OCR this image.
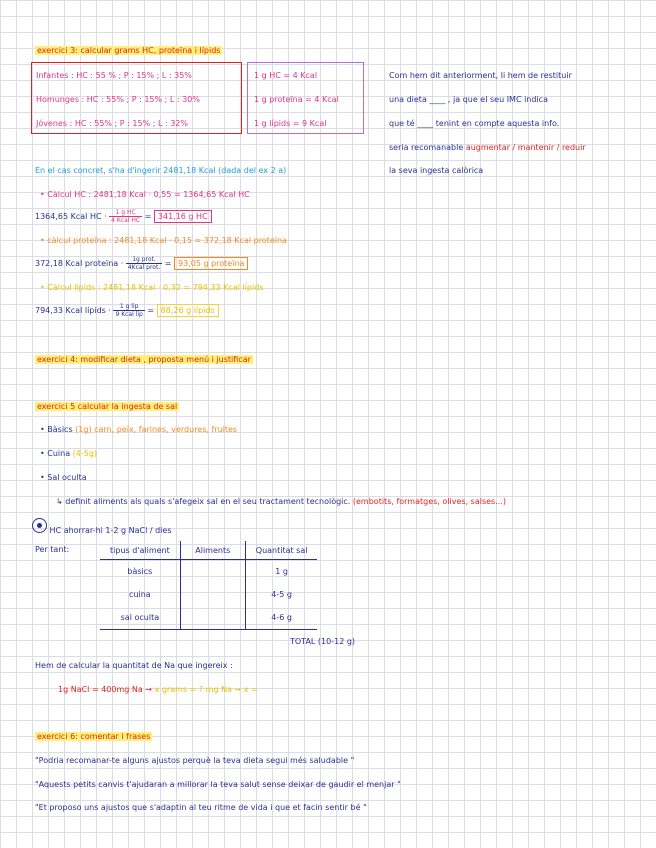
exercici 3: calcular grams HC, proteïna i lípids
Infantes : HC : 55 % ; P : 15% ; L : 35%
Homunges : HC : 55% ; P : 15% ; L : 30%
Jóvenes : HC : 55% ; P : 15% ; L : 32%
1 g HC = 4 Kcal
1 g proteïna = 4 Kcal
1 g lípids = 9 Kcal
Com hem dit anteriorment, li hem de restituir
una dieta ____ , ja que el seu IMC indica
que té ____ tenint en compte aquesta info.
seria recomanable augmentar / mantenir / reduir
la seva ingesta calòrica
En el cas concret, s'ha d'ingerir 2481,18 Kcal (dada del ex 2 a)
• Càlcul HC : 2481,18 Kcal · 0,55 = 1364,65 Kcal HC
1364,65 Kcal HC · $\frac{\text{1 g HC}}{\text{4 Kcal HC}} = 341,16$ g HC
• càlcul proteïna : 2481,18 Kcal · 0,15 = 372,18 Kcal proteïna
372,18 Kcal proteïna · $\frac{\text{1g prot.}}{\text{4Kcal prot.}} = 93,05$ g proteïna
• Càlcul lípids : 2481,18 Kcal · 0,32 = 794,33 Kcal lípids
794,33 Kcal lípids · $\frac{\text{1 g lip}}{\text{9 Kcal lip}} = 88,26$ g lípids
exercici 4: modificar dieta , proposta menú i justificar
exercici 5 calcular la ingesta de sal
• Bàsics (1g) carn, peix, farines, verdures, fruites
• Cuina (4-5g)
• Sal oculta
↳ definit aliments als quals s'afegeix sal en el seu tractament tecnològic. (embotits, formatges, olives, salses...)
HC ahorrar-hi 1-2 g NaCl / dies
Per tant:	tipus d'aliment	Aliments	Quantitat sal
bàsics		1 g
cuina		4-5 g
sal oculta		4-6 g
TOTAL (10-12 g)
Hem de calcular la quantitat de Na que ingereix :
1g NaCl = 400mg Na → x grams = ? mg Na → x =
exercici 6: comentar i frases
"Podria recomanar-te alguns ajustos perquè la teva dieta segui més saludable "
"Aquests petits canvis t'ajudaran a millorar la teva salut sense deixar de gaudir el menjar "
"Et proposo uns ajustos que s'adaptin al teu ritme de vida i que et facin sentir bé "
